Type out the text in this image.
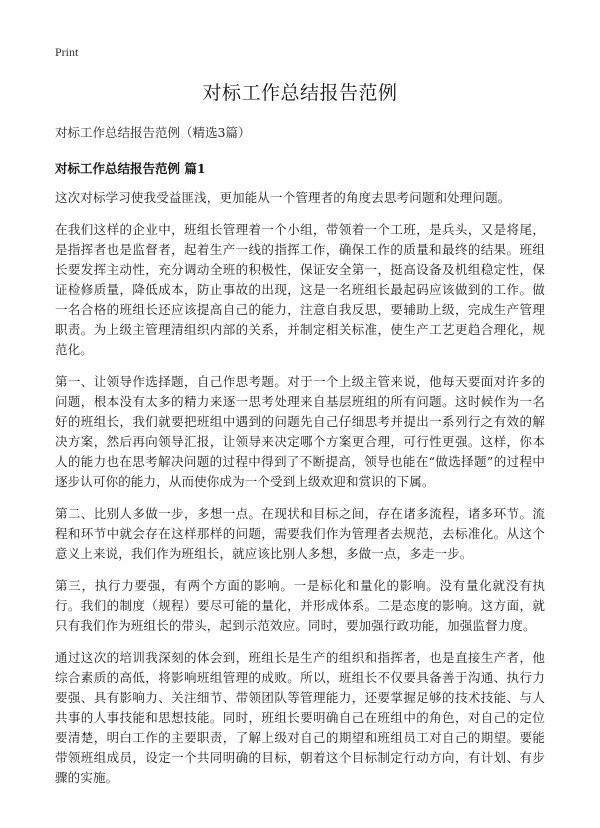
Print
对标工作总结报告范例
对标工作总结报告范例（精选3篇）
对标工作总结报告范例 篇1

这次对标学习使我受益匪浅，更加能从一个管理者的角度去思考问题和处理问题。

在我们这样的企业中，班组长管理着一个小组，带领着一个工班，是兵头，又是将尾，是指挥者也是监督者，起着生产一线的指挥工作，确保工作的质量和最终的结果。班组长要发挥主动性，充分调动全班的积极性，保证安全第一，挺高设备及机组稳定性，保证检修质量，降低成本，防止事故的出现，这是一名班组长最起码应该做到的工作。做一名合格的班组长还应该提高自己的能力，注意自我反思，要辅助上级，完成生产管理职责。为上级主管理清组织内部的关系，并制定相关标准，使生产工艺更趋合理化，规范化。

第一、让领导作选择题，自己作思考题。对于一个上级主管来说，他每天要面对许多的问题，根本没有太多的精力来逐一思考处理来自基层班组的所有问题。这时候作为一名好的班组长，我们就要把班组中遇到的问题先自己仔细思考并提出一系列行之有效的解决方案，然后再向领导汇报，让领导来决定哪个方案更合理，可行性更强。这样，你本人的能力也在思考解决问题的过程中得到了不断提高，领导也能在“做选择题”的过程中逐步认可你的能力，从而使你成为一个受到上级欢迎和赏识的下属。

第二、比别人多做一步，多想一点。在现状和目标之间，存在诸多流程，诸多环节。流程和环节中就会存在这样那样的问题，需要我们作为管理者去规范，去标准化。从这个意义上来说，我们作为班组长，就应该比别人多想，多做一点，多走一步。

第三，执行力要强，有两个方面的影响。一是标化和量化的影响。没有量化就没有执行。我们的制度（规程）要尽可能的量化，并形成体系。二是态度的影响。这方面，就只有我们作为班组长的带头，起到示范效应。同时，要加强行政功能，加强监督力度。

通过这次的培训我深刻的体会到，班组长是生产的组织和指挥者，也是直接生产者，他综合素质的高低，将影响班组管理的成败。所以，班组长不仅要具备善于沟通、执行力要强、具有影响力、关注细节、带领团队等管理能力，还要掌握足够的技术技能、与人共事的人事技能和思想技能。同时，班组长要明确自己在班组中的角色，对自己的定位要清楚，明白工作的主要职责，了解上级对自己的期望和班组员工对自己的期望。要能带领班组成员，设定一个共同明确的目标，朝着这个目标制定行动方向，有计划、有步骤的实施。
